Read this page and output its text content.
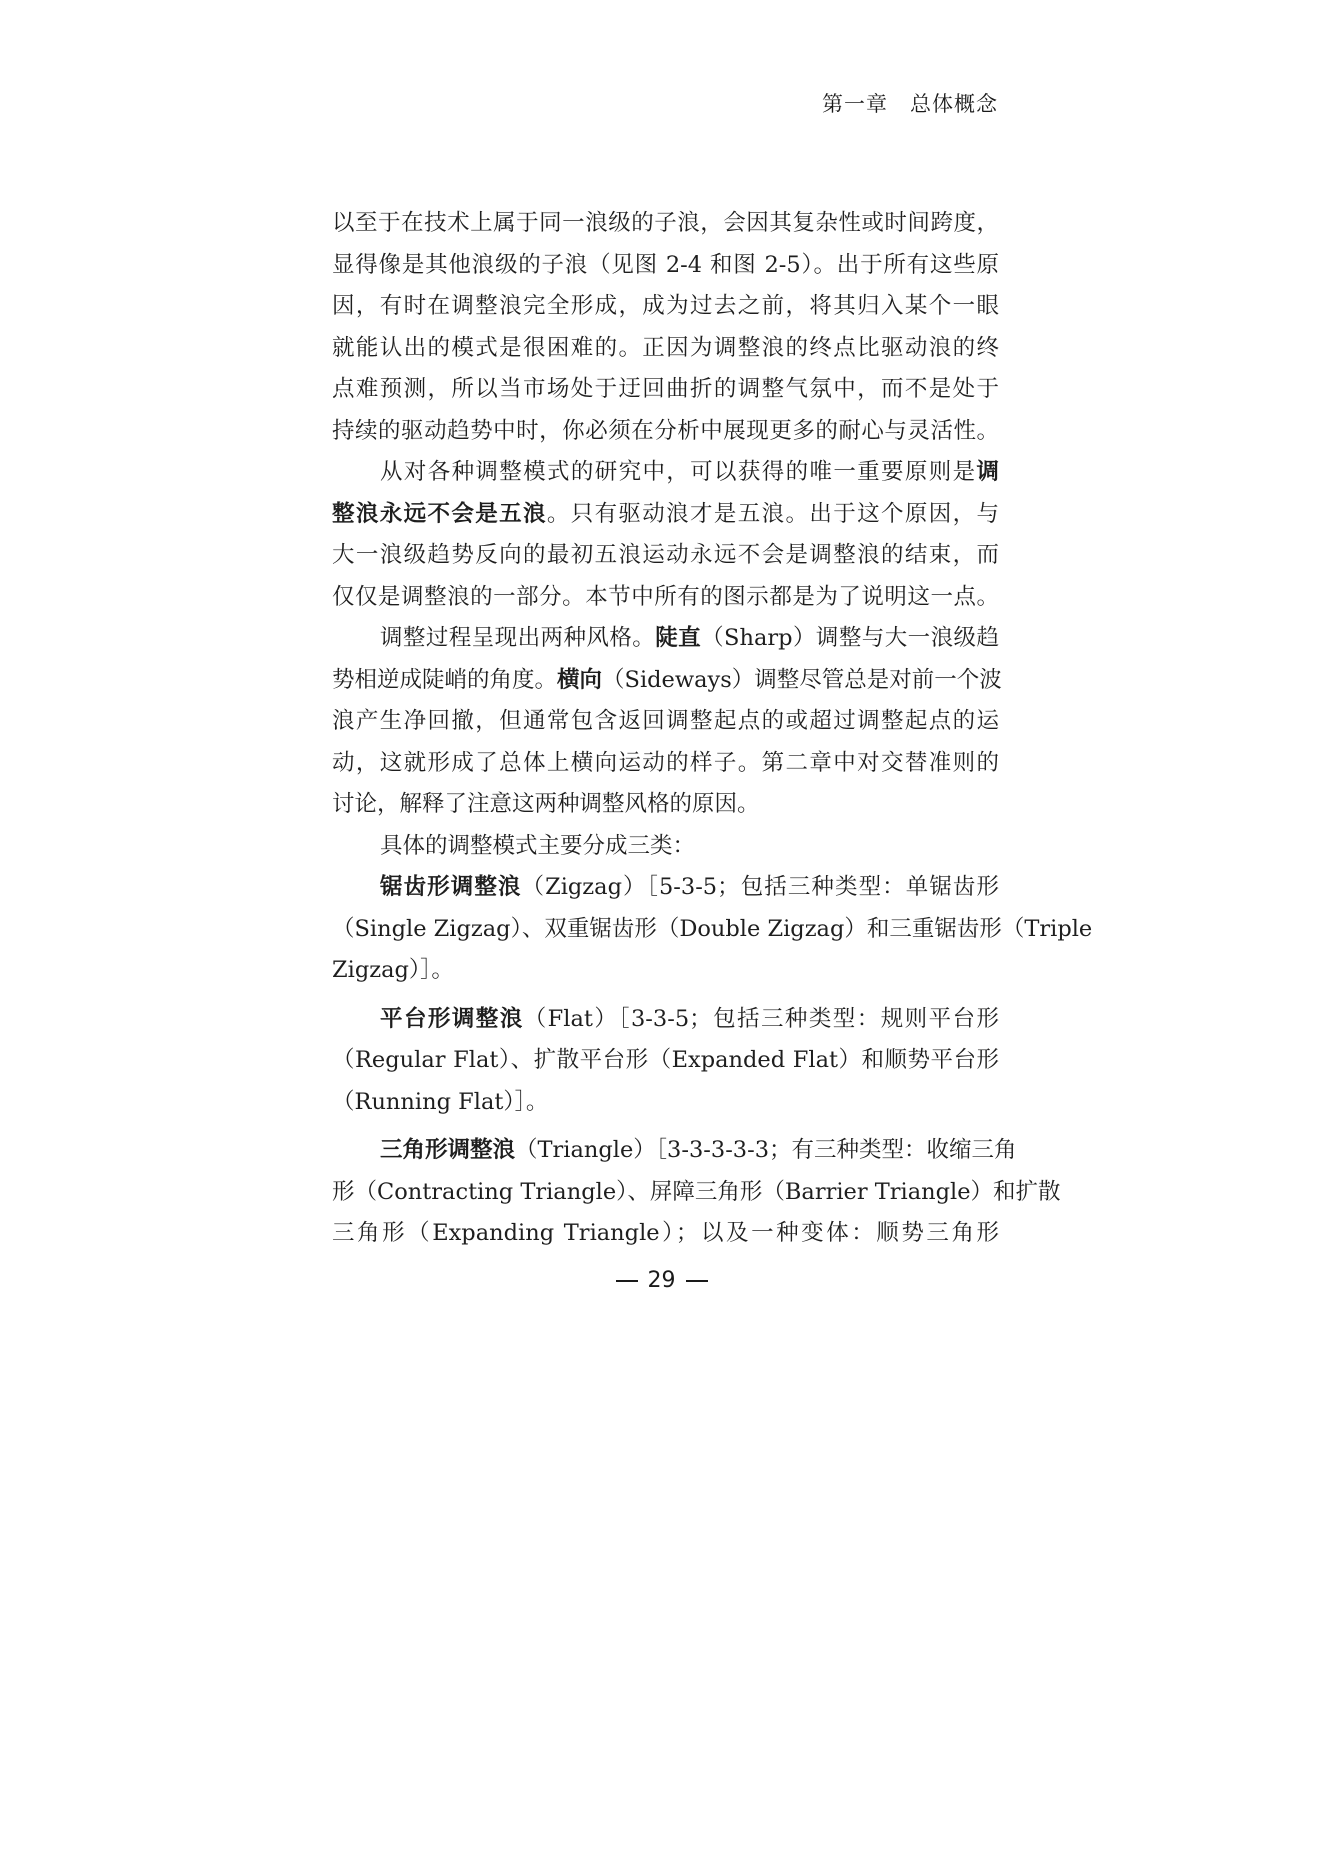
第一章　总体概念
以至于在技术上属于同一浪级的子浪，会因其复杂性或时间跨度，
显得像是其他浪级的子浪（见图 2-4 和图 2-5）。出于所有这些原
因，有时在调整浪完全形成，成为过去之前，将其归入某个一眼
就能认出的模式是很困难的。正因为调整浪的终点比驱动浪的终
点难预测，所以当市场处于迂回曲折的调整气氛中，而不是处于
持续的驱动趋势中时，你必须在分析中展现更多的耐心与灵活性。
从对各种调整模式的研究中，可以获得的唯一重要原则是调
整浪永远不会是五浪。只有驱动浪才是五浪。出于这个原因，与
大一浪级趋势反向的最初五浪运动永远不会是调整浪的结束，而
仅仅是调整浪的一部分。本节中所有的图示都是为了说明这一点。
调整过程呈现出两种风格。陡直（Sharp）调整与大一浪级趋
势相逆成陡峭的角度。横向（Sideways）调整尽管总是对前一个波
浪产生净回撤，但通常包含返回调整起点的或超过调整起点的运
动，这就形成了总体上横向运动的样子。第二章中对交替准则的
讨论，解释了注意这两种调整风格的原因。
具体的调整模式主要分成三类：
锯齿形调整浪（Zigzag）［5-3-5；包括三种类型：单锯齿形
（Single Zigzag）、双重锯齿形（Double Zigzag）和三重锯齿形（Triple
Zigzag）］。
平台形调整浪（Flat）［3-3-5；包括三种类型：规则平台形
（Regular Flat）、扩散平台形（Expanded Flat）和顺势平台形
（Running Flat）］。
三角形调整浪（Triangle）［3-3-3-3-3；有三种类型：收缩三角
形（Contracting Triangle）、屏障三角形（Barrier Triangle）和扩散
三角形（Expanding Triangle）；以及一种变体：顺势三角形
29
